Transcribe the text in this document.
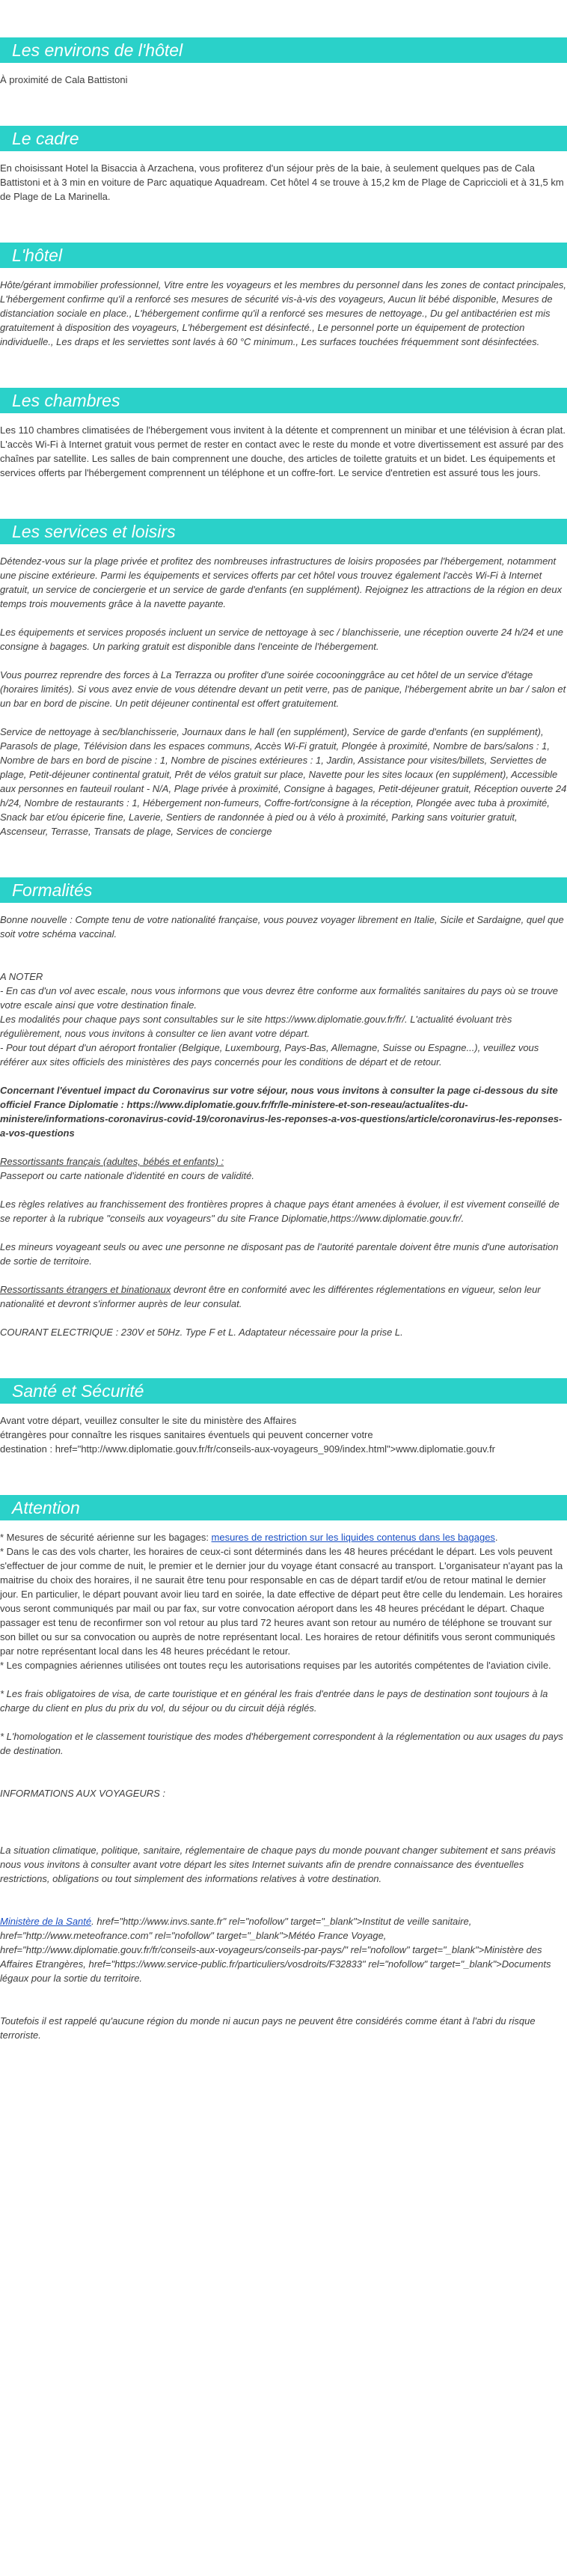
Les environs de l'hôtel

À proximité de Cala Battistoni

Le cadre

En choisissant Hotel la Bisaccia à Arzachena, vous profiterez d'un séjour près de la baie, à seulement quelques pas de Cala Battistoni et à 3 min en voiture de Parc aquatique Aquadream. Cet hôtel 4 se trouve à 15,2 km de Plage de Capriccioli et à 31,5 km de Plage de La Marinella.

L'hôtel

Hôte/gérant immobilier professionnel, Vitre entre les voyageurs et les membres du personnel dans les zones de contact principales, L'hébergement confirme qu'il a renforcé ses mesures de sécurité vis-à-vis des voyageurs, Aucun lit bébé disponible, Mesures de distanciation sociale en place., L'hébergement confirme qu'il a renforcé ses mesures de nettoyage., Du gel antibactérien est mis gratuitement à disposition des voyageurs, L'hébergement est désinfecté., Le personnel porte un équipement de protection individuelle., Les draps et les serviettes sont lavés à 60 °C minimum., Les surfaces touchées fréquemment sont désinfectées.

Les chambres

Les 110 chambres climatisées de l'hébergement vous invitent à la détente et comprennent un minibar et une télévision à écran plat. L'accès Wi-Fi à Internet gratuit vous permet de rester en contact avec le reste du monde et votre divertissement est assuré par des chaînes par satellite. Les salles de bain comprennent une douche, des articles de toilette gratuits et un bidet. Les équipements et services offerts par l'hébergement comprennent un téléphone et un coffre-fort. Le service d'entretien est assuré tous les jours.

Les services et loisirs

Détendez-vous sur la plage privée et profitez des nombreuses infrastructures de loisirs proposées par l'hébergement, notamment une piscine extérieure. Parmi les équipements et services offerts par cet hôtel vous trouvez également l'accès Wi-Fi à Internet gratuit, un service de conciergerie et un service de garde d'enfants (en supplément). Rejoignez les attractions de la région en deux temps trois mouvements grâce à la navette payante.

Les équipements et services proposés incluent un service de nettoyage à sec / blanchisserie, une réception ouverte 24 h/24 et une consigne à bagages. Un parking gratuit est disponible dans l'enceinte de l'hébergement.

Vous pourrez reprendre des forces à La Terrazza ou profiter d'une soirée cocooninggrâce au cet hôtel de un service d'étage (horaires limités). Si vous avez envie de vous détendre devant un petit verre, pas de panique, l'hébergement abrite un bar / salon et un bar en bord de piscine. Un petit déjeuner continental est offert gratuitement.

Service de nettoyage à sec/blanchisserie, Journaux dans le hall (en supplément), Service de garde d'enfants (en supplément), Parasols de plage, Télévision dans les espaces communs, Accès Wi-Fi gratuit, Plongée à proximité, Nombre de bars/salons : 1, Nombre de bars en bord de piscine : 1, Nombre de piscines extérieures : 1, Jardin, Assistance pour visites/billets, Serviettes de plage, Petit-déjeuner continental gratuit, Prêt de vélos gratuit sur place, Navette pour les sites locaux (en supplément), Accessible aux personnes en fauteuil roulant - N/A, Plage privée à proximité, Consigne à bagages, Petit-déjeuner gratuit, Réception ouverte 24 h/24, Nombre de restaurants : 1, Hébergement non-fumeurs, Coffre-fort/consigne à la réception, Plongée avec tuba à proximité, Snack bar et/ou épicerie fine, Laverie, Sentiers de randonnée à pied ou à vélo à proximité, Parking sans voiturier gratuit, Ascenseur, Terrasse, Transats de plage, Services de concierge

Formalités

Bonne nouvelle : Compte tenu de votre nationalité française, vous pouvez voyager librement en Italie, Sicile et Sardaigne, quel que soit votre schéma vaccinal.

A NOTER

- En cas d'un vol avec escale, nous vous informons que vous devrez être conforme aux formalités sanitaires du pays où se trouve votre escale ainsi que votre destination finale.

Les modalités pour chaque pays sont consultables sur le site https://www.diplomatie.gouv.fr/fr/. L'actualité évoluant très régulièrement, nous vous invitons à consulter ce lien avant votre départ.

- Pour tout départ d'un aéroport frontalier (Belgique, Luxembourg, Pays-Bas, Allemagne, Suisse ou Espagne...), veuillez vous référer aux sites officiels des ministères des pays concernés pour les conditions de départ et de retour.

Concernant l'éventuel impact du Coronavirus sur votre séjour, nous vous invitons à consulter la page ci-dessous du site officiel France Diplomatie : https://www.diplomatie.gouv.fr/fr/le-ministere-et-son-reseau/actualites-du-ministere/informations-coronavirus-covid-19/coronavirus-les-reponses-a-vos-questions/article/coronavirus-les-reponses-a-vos-questions

Ressortissants français (adultes, bébés et enfants) :

Passeport ou carte nationale d'identité en cours de validité.

Les règles relatives au franchissement des frontières propres à chaque pays étant amenées à évoluer, il est vivement conseillé de se reporter à la rubrique "conseils aux voyageurs" du site France Diplomatie,https://www.diplomatie.gouv.fr/.

Les mineurs voyageant seuls ou avec une personne ne disposant pas de l'autorité parentale doivent être munis d'une autorisation de sortie de territoire.

Ressortissants étrangers et binationaux devront être en conformité avec les différentes réglementations en vigueur, selon leur nationalité et devront s'informer auprès de leur consulat.

COURANT ELECTRIQUE : 230V et 50Hz. Type F et L. Adaptateur nécessaire pour la prise L.

Santé et Sécurité

Avant votre départ, veuillez consulter le site du ministère des Affaires

étrangères pour connaître les risques sanitaires éventuels qui peuvent concerner votre

destination : href="http://www.diplomatie.gouv.fr/fr/conseils-aux-voyageurs_909/index.html">www.diplomatie.gouv.fr

Attention

* Mesures de sécurité aérienne sur les bagages: mesures de restriction sur les liquides contenus dans les bagages.

* Dans le cas des vols charter, les horaires de ceux-ci sont déterminés dans les 48 heures précédant le départ. Les vols peuvent s'effectuer de jour comme de nuit, le premier et le dernier jour du voyage étant consacré au transport. L'organisateur n'ayant pas la maitrise du choix des horaires, il ne saurait être tenu pour responsable en cas de départ tardif et/ou de retour matinal le dernier jour. En particulier, le départ pouvant avoir lieu tard en soirée, la date effective de départ peut être celle du lendemain. Les horaires vous seront communiqués par mail ou par fax, sur votre convocation aéroport dans les 48 heures précédant le départ. Chaque passager est tenu de reconfirmer son vol retour au plus tard 72 heures avant son retour au numéro de téléphone se trouvant sur son billet ou sur sa convocation ou auprès de notre représentant local. Les horaires de retour définitifs vous seront communiqués par notre représentant local dans les 48 heures précédant le retour.

* Les compagnies aériennes utilisées ont toutes reçu les autorisations requises par les autorités compétentes de l'aviation civile.

* Les frais obligatoires de visa, de carte touristique et en général les frais d'entrée dans le pays de destination sont toujours à la charge du client en plus du prix du vol, du séjour ou du circuit déjà réglés.

* L'homologation et le classement touristique des modes d'hébergement correspondent à la réglementation ou aux usages du pays de destination.

INFORMATIONS AUX VOYAGEURS :

La situation climatique, politique, sanitaire, réglementaire de chaque pays du monde pouvant changer subitement et sans préavis

nous vous invitons à consulter avant votre départ les sites Internet suivants afin de prendre connaissance des éventuelles restrictions, obligations ou tout simplement des informations relatives à votre destination.

Ministère de la Santé. href="http://www.invs.sante.fr" rel="nofollow" target="_blank">Institut de veille sanitaire, href="http://www.meteofrance.com" rel="nofollow" target="_blank">Météo France Voyage, href="http://www.diplomatie.gouv.fr/fr/conseils-aux-voyageurs/conseils-par-pays/" rel="nofollow" target="_blank">Ministère des Affaires Etrangères, href="https://www.service-public.fr/particuliers/vosdroits/F32833" rel="nofollow" target="_blank">Documents légaux pour la sortie du territoire.

Toutefois il est rappelé qu'aucune région du monde ni aucun pays ne peuvent être considérés comme étant à l'abri du risque terroriste.
